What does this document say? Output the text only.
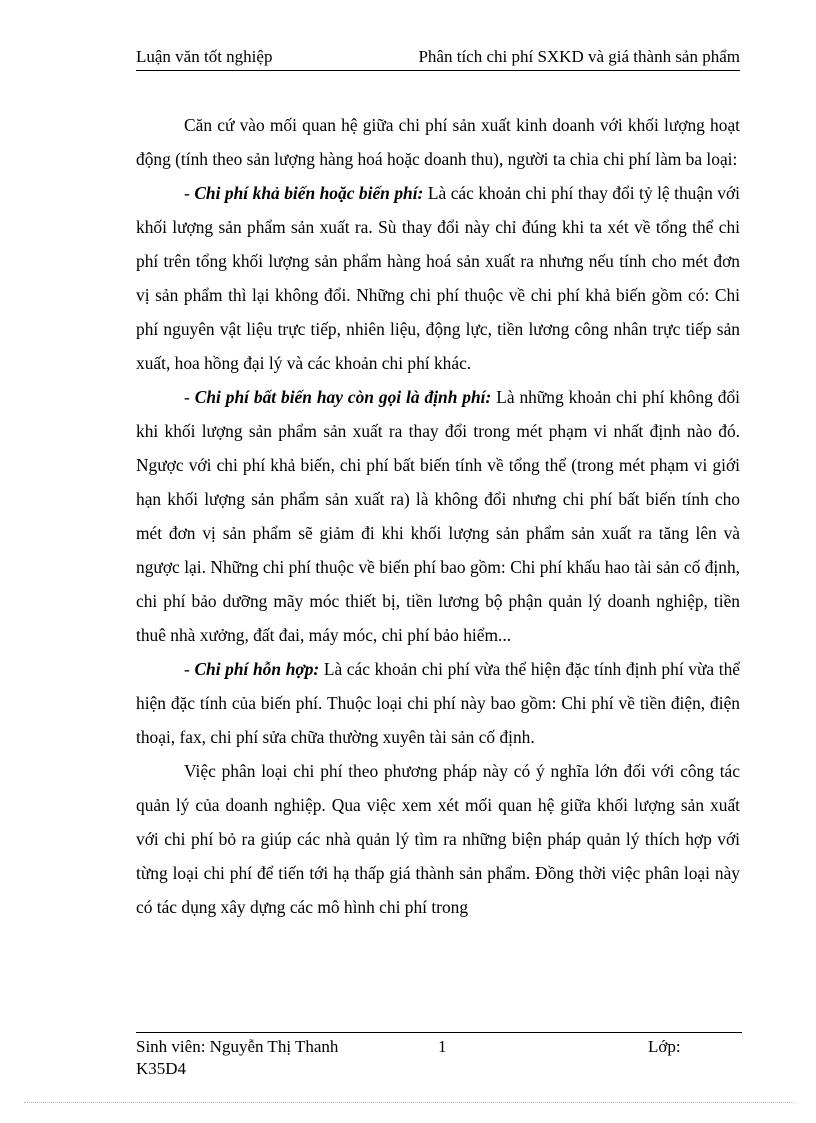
Luận văn tốt nghiệp	Phân tích chi phí SXKD và giá thành sản phẩm

Căn cứ vào mối quan hệ giữa chi phí sản xuất kinh doanh với khối lượng hoạt động (tính theo sản lượng hàng hoá hoặc doanh thu), người ta chia chi phí làm ba loại:

- Chi phí khả biến hoặc biến phí: Là các khoản chi phí thay đổi tỷ lệ thuận với khối lượng sản phẩm sản xuất ra. Sù thay đổi này chỉ đúng khi ta xét về tổng thể chi phí trên tổng khối lượng sản phẩm hàng hoá sản xuất ra nhưng nếu tính cho mét đơn vị sản phẩm thì lại không đổi. Những chi phí thuộc về chi phí khả biến gồm có: Chi phí nguyên vật liệu trực tiếp, nhiên liệu, động lực, tiền lương công nhân trực tiếp sản xuất, hoa hồng đại lý và các khoản chi phí khác.

- Chi phí bất biến hay còn gọi là định phí: Là những khoản chi phí không đổi khi khối lượng sản phẩm sản xuất ra thay đổi trong mét phạm vi nhất định nào đó. Ngược với chi phí khả biến, chi phí bất biến tính về tổng thể (trong mét phạm vi giới hạn khối lượng sản phẩm sản xuất ra) là không đổi nhưng chi phí bất biến tính cho mét đơn vị sản phẩm sẽ giảm đi khi khối lượng sản phẩm sản xuất ra tăng lên và ngược lại. Những chi phí thuộc về biến phí bao gồm: Chi phí khấu hao tài sản cố định, chi phí bảo dưỡng mãy móc thiết bị, tiền lương bộ phận quản lý doanh nghiệp, tiền thuê nhà xưởng, đất đai, máy móc, chi phí bảo hiểm...

- Chi phí hỗn hợp: Là các khoản chi phí vừa thể hiện đặc tính định phí vừa thể hiện đặc tính của biến phí. Thuộc loại chi phí này bao gồm: Chi phí về tiền điện, điện thoại, fax, chi phí sửa chữa thường xuyên tài sản cố định.

Việc phân loại chi phí theo phương pháp này có ý nghĩa lớn đối với công tác quản lý của doanh nghiệp. Qua việc xem xét mối quan hệ giữa khối lượng sản xuất với chi phí bỏ ra giúp các nhà quản lý tìm ra những biện pháp quản lý thích hợp với từng loại chi phí để tiến tới hạ thấp giá thành sản phẩm. Đồng thời việc phân loại này có tác dụng xây dựng các mô hình chi phí trong

Sinh viên: Nguyễn Thị Thanh	1	Lớp:
K35D4
